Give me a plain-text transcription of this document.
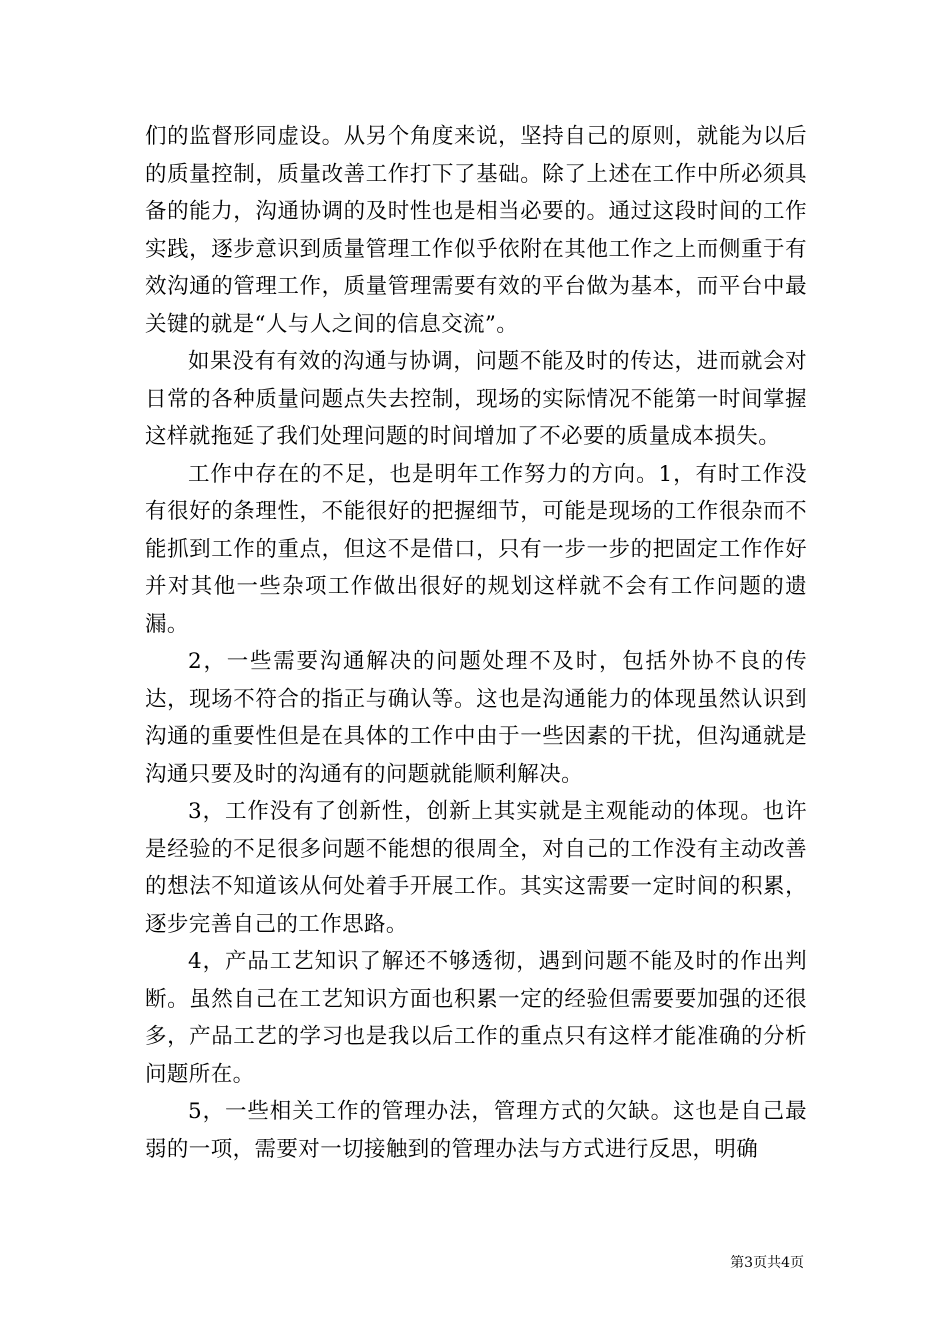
们的监督形同虚设。从另个角度来说，坚持自己的原则，就能为以后的质量控制，质量改善工作打下了基础。除了上述在工作中所必须具备的能力，沟通协调的及时性也是相当必要的。通过这段时间的工作实践，逐步意识到质量管理工作似乎依附在其他工作之上而侧重于有效沟通的管理工作，质量管理需要有效的平台做为基本，而平台中最关键的就是“人与人之间的信息交流”。

如果没有有效的沟通与协调，问题不能及时的传达，进而就会对日常的各种质量问题点失去控制，现场的实际情况不能第一时间掌握这样就拖延了我们处理问题的时间增加了不必要的质量成本损失。

工作中存在的不足，也是明年工作努力的方向。1，有时工作没有很好的条理性，不能很好的把握细节，可能是现场的工作很杂而不能抓到工作的重点，但这不是借口，只有一步一步的把固定工作作好并对其他一些杂项工作做出很好的规划这样就不会有工作问题的遗漏。

2，一些需要沟通解决的问题处理不及时，包括外协不良的传达，现场不符合的指正与确认等。这也是沟通能力的体现虽然认识到沟通的重要性但是在具体的工作中由于一些因素的干扰，但沟通就是沟通只要及时的沟通有的问题就能顺利解决。

3，工作没有了创新性，创新上其实就是主观能动的体现。也许是经验的不足很多问题不能想的很周全，对自己的工作没有主动改善的想法不知道该从何处着手开展工作。其实这需要一定时间的积累，逐步完善自己的工作思路。

4，产品工艺知识了解还不够透彻，遇到问题不能及时的作出判断。虽然自己在工艺知识方面也积累一定的经验但需要要加强的还很多，产品工艺的学习也是我以后工作的重点只有这样才能准确的分析问题所在。

5，一些相关工作的管理办法，管理方式的欠缺。这也是自己最弱的一项，需要对一切接触到的管理办法与方式进行反思，明确

第3页共4页
